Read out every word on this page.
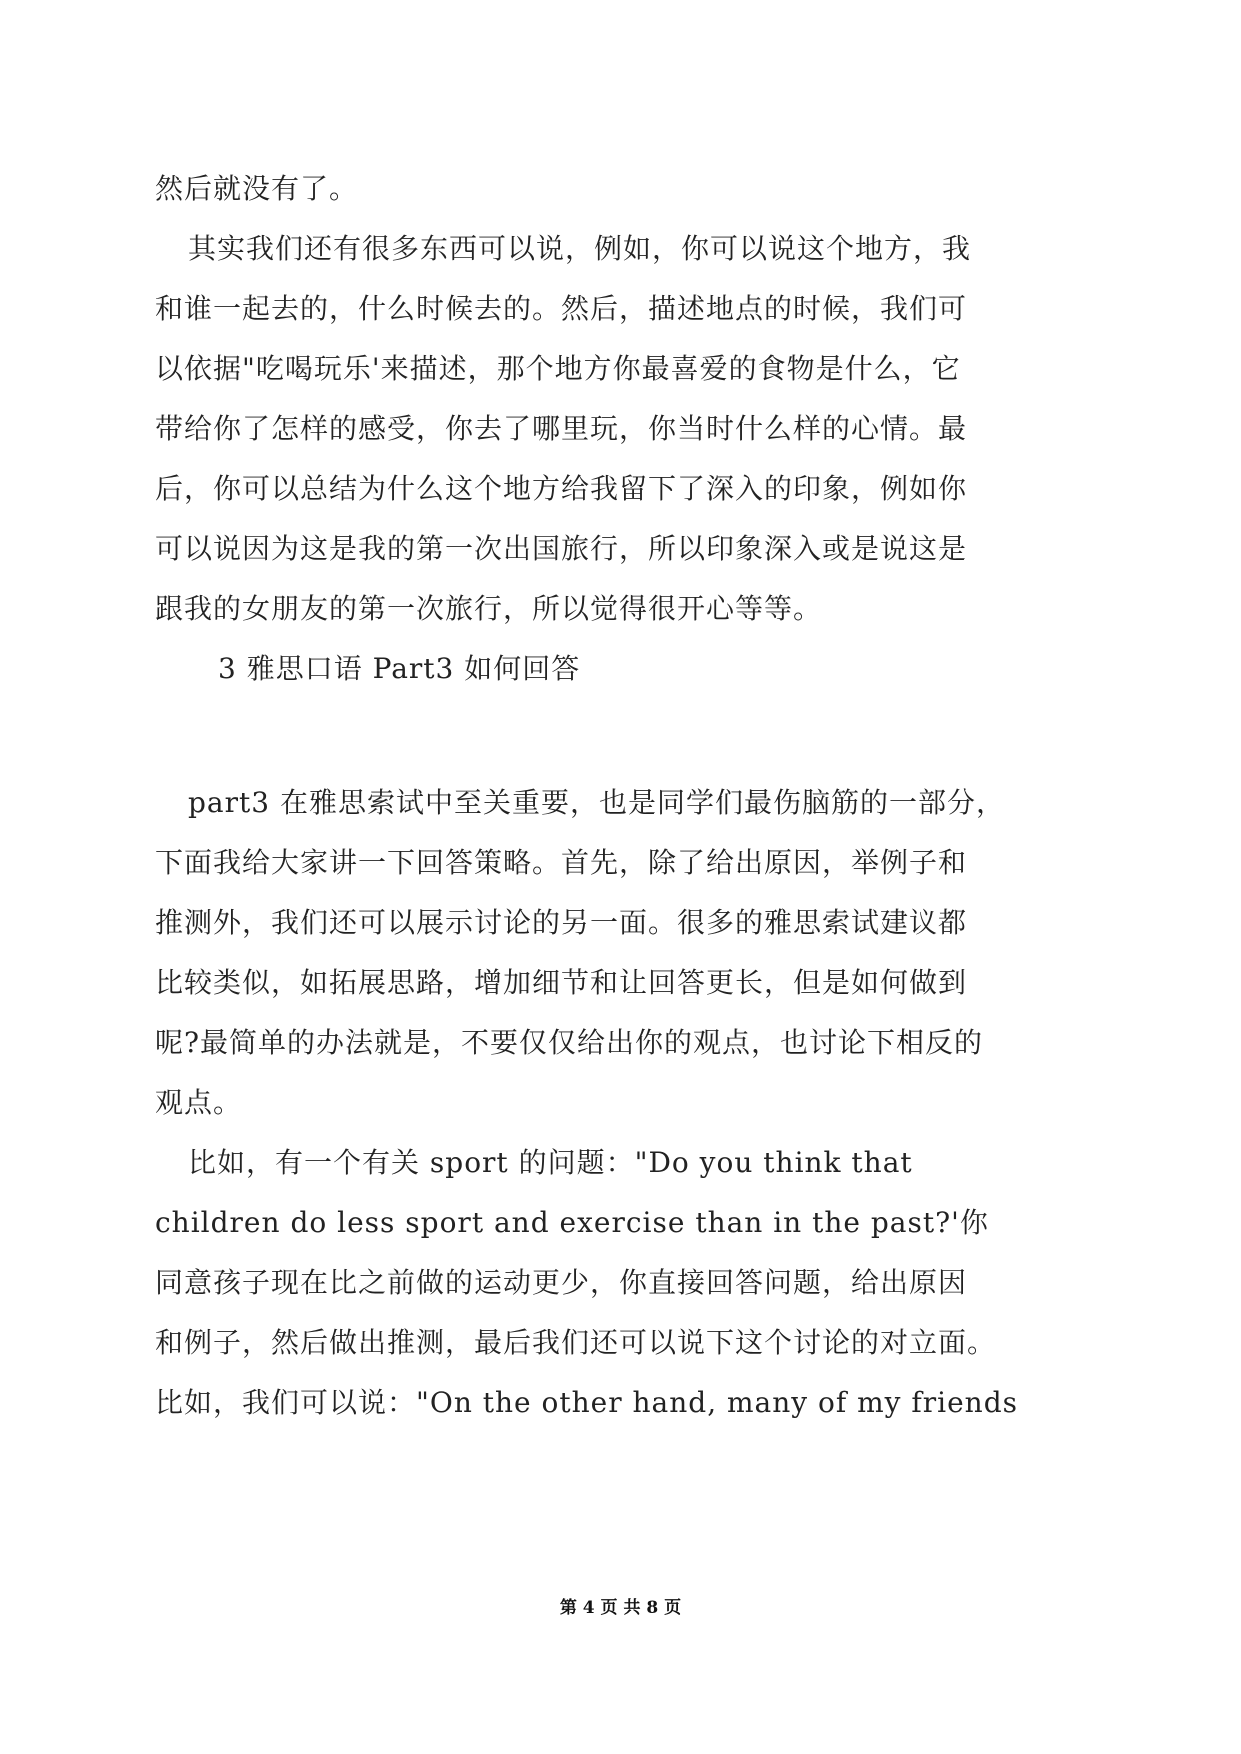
然后就没有了。
其实我们还有很多东西可以说，例如，你可以说这个地方，我
和谁一起去的，什么时候去的。然后，描述地点的时候，我们可
以依据"吃喝玩乐'来描述，那个地方你最喜爱的食物是什么，它
带给你了怎样的感受，你去了哪里玩，你当时什么样的心情。最
后，你可以总结为什么这个地方给我留下了深入的印象，例如你
可以说因为这是我的第一次出国旅行，所以印象深入或是说这是
跟我的女朋友的第一次旅行，所以觉得很开心等等。
3 雅思口语 Part3 如何回答
part3 在雅思索试中至关重要，也是同学们最伤脑筋的一部分，
下面我给大家讲一下回答策略。首先，除了给出原因，举例子和
推测外，我们还可以展示讨论的另一面。很多的雅思索试建议都
比较类似，如拓展思路，增加细节和让回答更长，但是如何做到
呢?最简单的办法就是，不要仅仅给出你的观点，也讨论下相反的
观点。
比如，有一个有关 sport 的问题："Do you think that
children do less sport and exercise than in the past?'你
同意孩子现在比之前做的运动更少，你直接回答问题，给出原因
和例子，然后做出推测，最后我们还可以说下这个讨论的对立面。
比如，我们可以说："On the other hand, many of my friends
第 4 页 共 8 页
